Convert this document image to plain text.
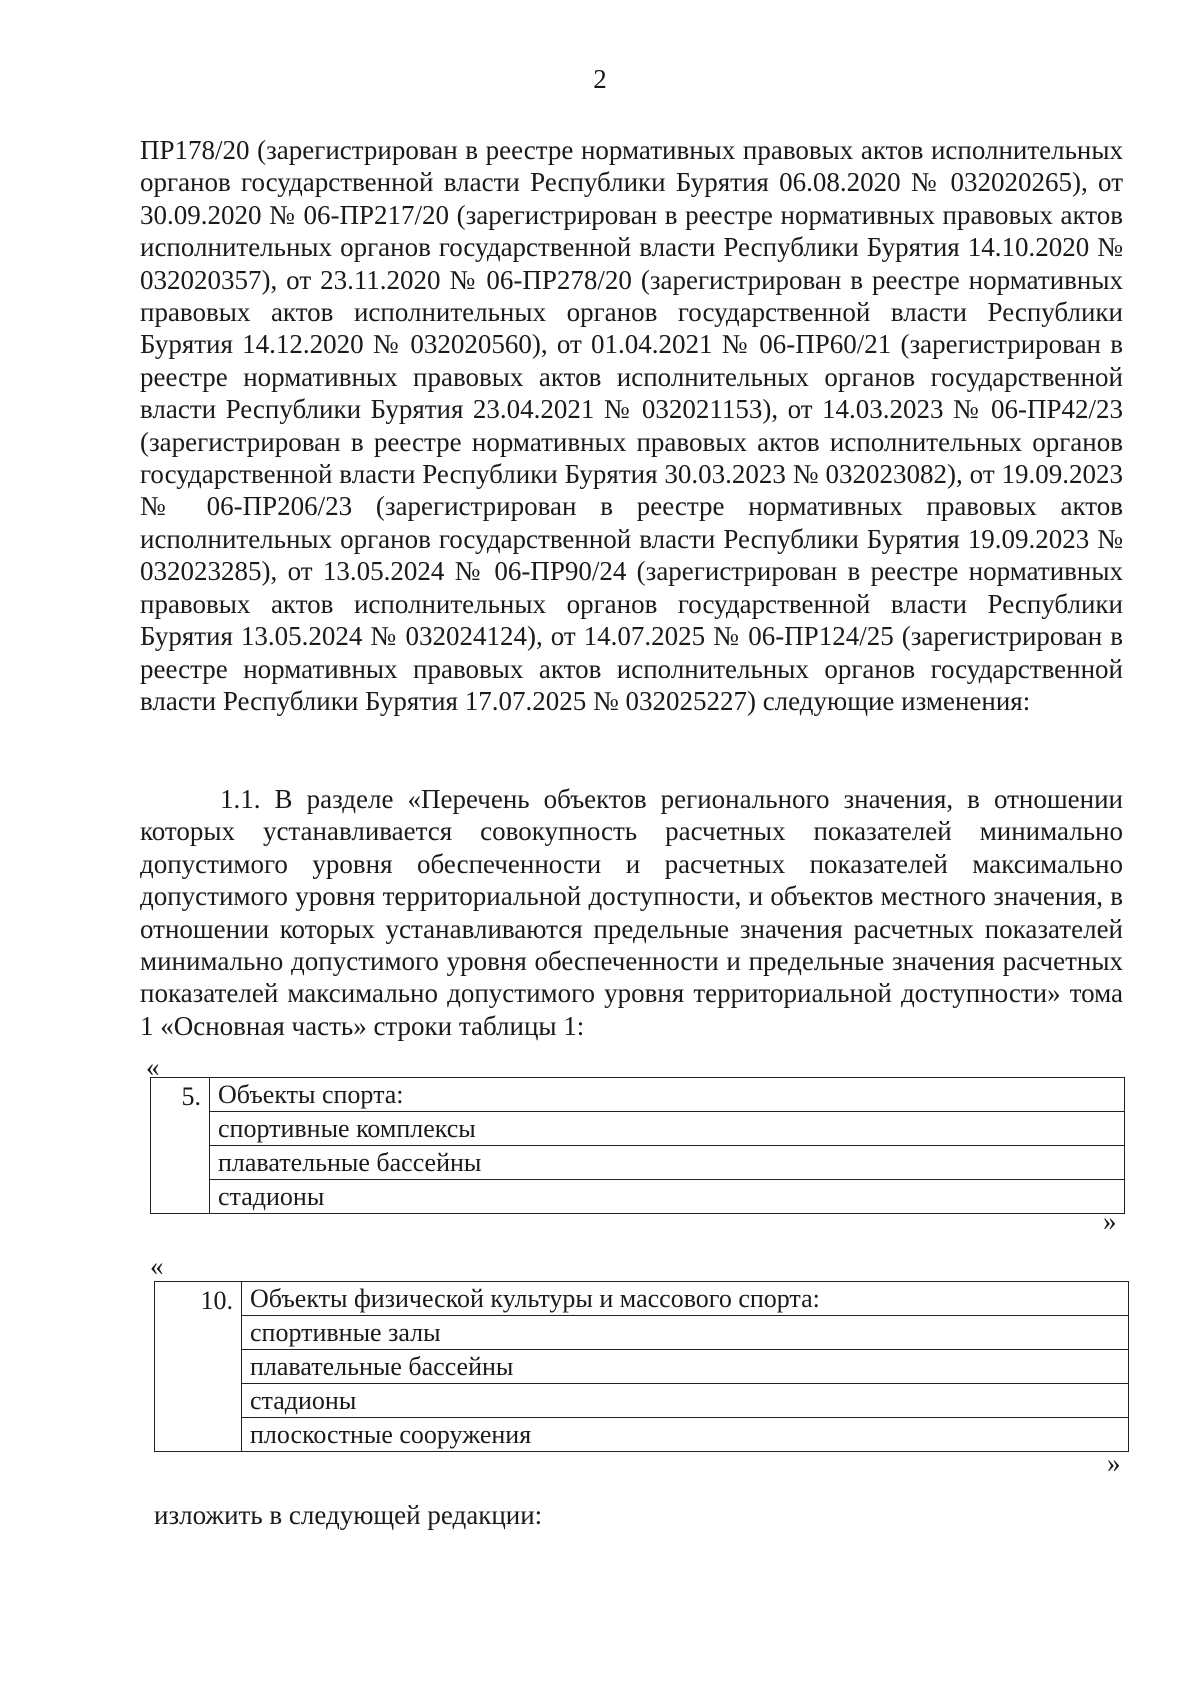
2

ПР178/20 (зарегистрирован в реестре нормативных правовых актов исполнительных органов государственной власти Республики Бурятия 06.08.2020 № 032020265), от 30.09.2020 № 06-ПР217/20 (зарегистрирован в реестре нормативных правовых актов исполнительных органов государственной власти Республики Бурятия 14.10.2020 № 032020357), от 23.11.2020 № 06-ПР278/20 (зарегистрирован в реестре нормативных правовых актов исполнительных органов государственной власти Республики Бурятия 14.12.2020 № 032020560), от 01.04.2021 № 06-ПР60/21 (зарегистрирован в реестре нормативных правовых актов исполнительных органов государственной власти Республики Бурятия 23.04.2021 № 032021153), от 14.03.2023 № 06-ПР42/23 (зарегистрирован в реестре нормативных правовых актов исполнительных органов государственной власти Республики Бурятия 30.03.2023 № 032023082), от 19.09.2023 № 06-ПР206/23 (зарегистрирован в реестре нормативных правовых актов исполнительных органов государственной власти Республики Бурятия 19.09.2023 № 032023285), от 13.05.2024 № 06-ПР90/24 (зарегистрирован в реестре нормативных правовых актов исполнительных органов государственной власти Республики Бурятия 13.05.2024 № 032024124), от 14.07.2025 № 06-ПР124/25 (зарегистрирован в реестре нормативных правовых актов исполнительных органов государственной власти Республики Бурятия 17.07.2025 № 032025227) следующие изменения:

1.1. В разделе «Перечень объектов регионального значения, в отношении которых устанавливается совокупность расчетных показателей минимально допустимого уровня обеспеченности и расчетных показателей максимально допустимого уровня территориальной доступности, и объектов местного значения, в отношении которых устанавливаются предельные значения расчетных показателей минимально допустимого уровня обеспеченности и предельные значения расчетных показателей максимально допустимого уровня территориальной доступности» тома 1 «Основная часть» строки таблицы 1:

«
5.	Объекты спорта:
спортивные комплексы
плавательные бассейны
стадионы
»
«
10.	Объекты физической культуры и массового спорта:
спортивные залы
плавательные бассейны
стадионы
плоскостные сооружения
»

изложить в следующей редакции:
